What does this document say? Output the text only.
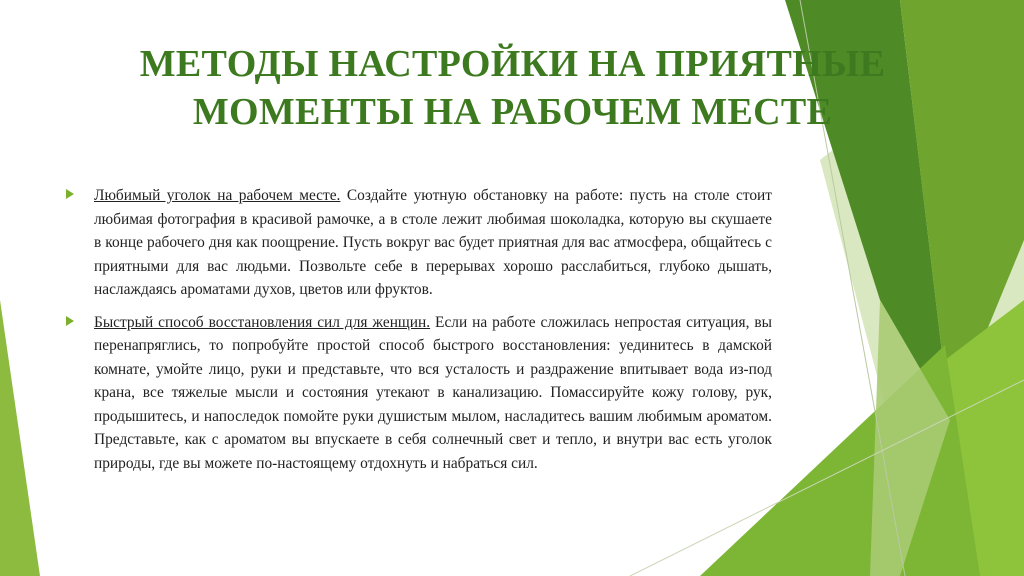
МЕТОДЫ НАСТРОЙКИ НА ПРИЯТНЫЕ
МОМЕНТЫ НА РАБОЧЕМ МЕСТЕ

Любимый уголок на рабочем месте. Создайте уютную обстановку на работе: пусть на столе стоит любимая фотография в красивой рамочке, а в столе лежит любимая шоколадка, которую вы скушаете в конце рабочего дня как поощрение. Пусть вокруг вас будет приятная для вас атмосфера, общайтесь с приятными для вас людьми. Позвольте себе в перерывах хорошо расслабиться, глубоко дышать, наслаждаясь ароматами духов, цветов или фруктов.

Быстрый способ восстановления сил для женщин. Если на работе сложилась непростая ситуация, вы перенапряглись, то попробуйте простой способ быстрого восстановления: уединитесь в дамской комнате, умойте лицо, руки и представьте, что вся усталость и раздражение впитывает вода из-под крана, все тяжелые мысли и состояния утекают в канализацию. Помассируйте кожу голову, рук, продышитесь, и напоследок помойте руки душистым мылом, насладитесь вашим любимым ароматом. Представьте, как с ароматом вы впускаете в себя солнечный свет и тепло, и внутри вас есть уголок природы, где вы можете по-настоящему отдохнуть и набраться сил.
